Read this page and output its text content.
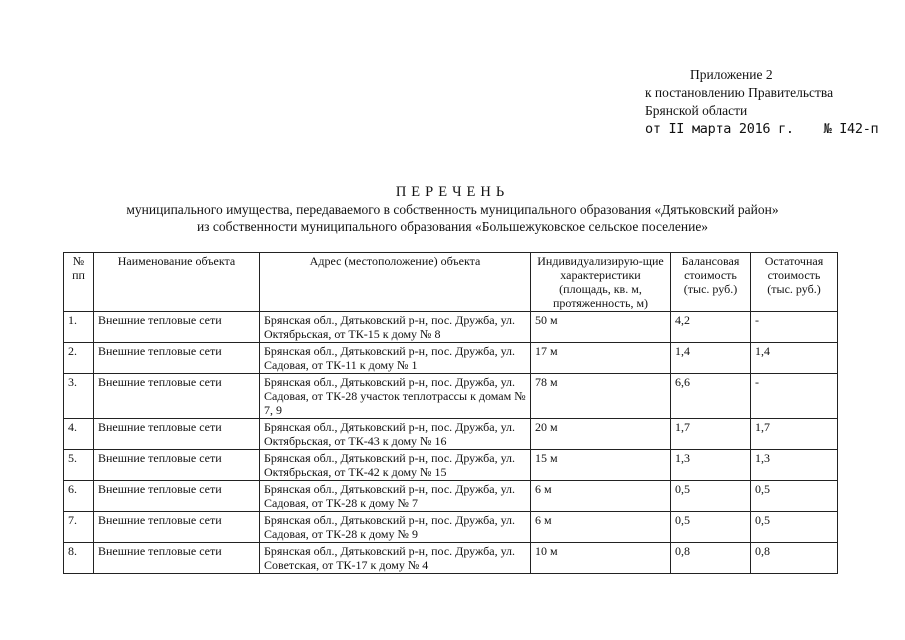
Приложение 2
к постановлению Правительства
Брянской области
от II марта 2016 г. № I42-п
ПЕРЕЧЕНЬ
муниципального имущества, передаваемого в собственность муниципального образования «Дятьковский район»
из собственности муниципального образования «Большежуковское сельское поселение»
№ пп	Наименование объекта	Адрес (местоположение) объекта	Индивидуализирую-щие характеристики (площадь, кв. м, протяженность, м)	Балансовая стоимость (тыс. руб.)	Остаточная стоимость (тыс. руб.)
1.	Внешние тепловые сети	Брянская обл., Дятьковский р-н, пос. Дружба, ул. Октябрьская, от ТК-15 к дому № 8	50 м	4,2	-
2.	Внешние тепловые сети	Брянская обл., Дятьковский р-н, пос. Дружба, ул. Садовая, от ТК-11 к дому № 1	17 м	1,4	1,4
3.	Внешние тепловые сети	Брянская обл., Дятьковский р-н, пос. Дружба, ул. Садовая, от ТК-28 участок теплотрассы к домам № 7, 9	78 м	6,6	-
4.	Внешние тепловые сети	Брянская обл., Дятьковский р-н, пос. Дружба, ул. Октябрьская, от ТК-43 к дому № 16	20 м	1,7	1,7
5.	Внешние тепловые сети	Брянская обл., Дятьковский р-н, пос. Дружба, ул. Октябрьская, от ТК-42 к дому № 15	15 м	1,3	1,3
6.	Внешние тепловые сети	Брянская обл., Дятьковский р-н, пос. Дружба, ул. Садовая, от ТК-28 к дому № 7	6 м	0,5	0,5
7.	Внешние тепловые сети	Брянская обл., Дятьковский р-н, пос. Дружба, ул. Садовая, от ТК-28 к дому № 9	6 м	0,5	0,5
8.	Внешние тепловые сети	Брянская обл., Дятьковский р-н, пос. Дружба, ул. Советская, от ТК-17 к дому № 4	10 м	0,8	0,8
